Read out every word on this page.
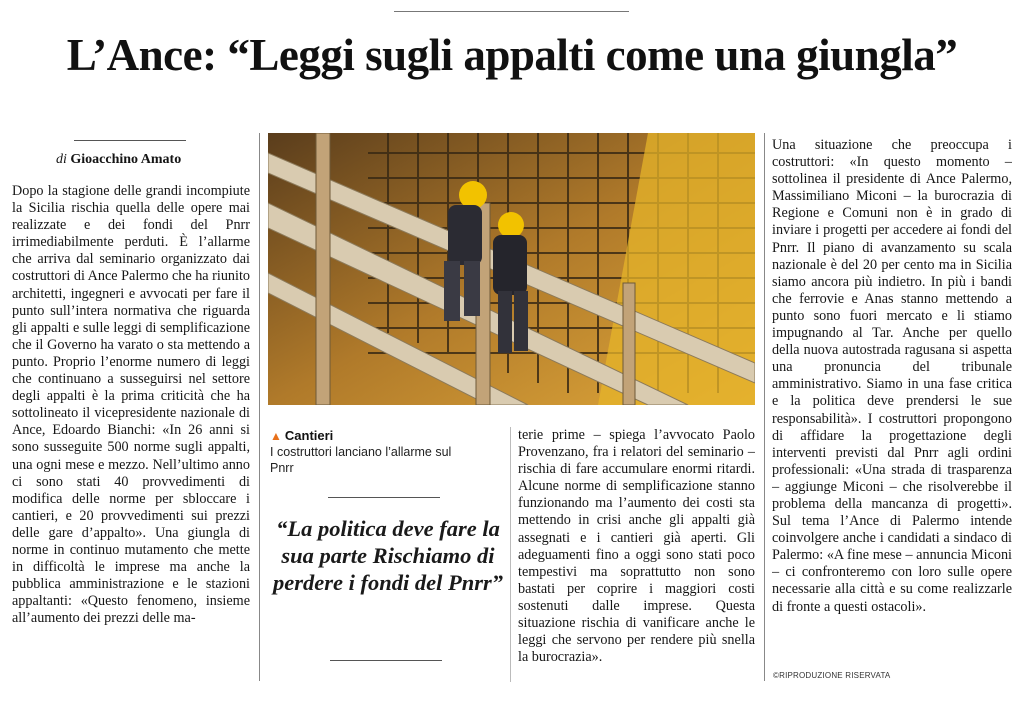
L’Ance: “Leggi sugli appalti come una giungla”
di Gioacchino Amato
Dopo la stagione delle grandi incompiute la Sicilia rischia quella delle opere mai realizzate e dei fondi del Pnrr irrimediabilmente perduti. È l’allarme che arriva dal seminario organizzato dai costruttori di Ance Palermo che ha riunito architetti, ingegneri e avvocati per fare il punto sull’intera normativa che riguarda gli appalti e sulle leggi di semplificazione che il Governo ha varato o sta mettendo a punto. Proprio l’enorme numero di leggi che continuano a susseguirsi nel settore degli appalti è la prima criticità che ha sottolineato il vicepresidente nazionale di Ance, Edoardo Bianchi: «In 26 anni si sono susseguite 500 norme sugli appalti, una ogni mese e mezzo. Nell’ultimo anno ci sono stati 40 provvedimenti di modifica delle norme per sbloccare i cantieri, e 20 provvedimenti sui prezzi delle gare d’appalto». Una giungla di norme in continuo mutamento che mette in difficoltà le imprese ma anche la pubblica amministrazione e le stazioni appaltanti: «Questo fenomeno, insieme all’aumento dei prezzi delle ma-
▲ Cantieri
I costruttori lanciano l’allarme sul Pnrr
“La politica deve fare la sua parte Rischiamo di perdere i fondi del Pnrr”
terie prime – spiega l’avvocato Paolo Provenzano, fra i relatori del seminario – rischia di fare accumulare enormi ritardi. Alcune norme di semplificazione stanno funzionando ma l’aumento dei costi sta mettendo in crisi anche gli appalti già assegnati e i cantieri già aperti. Gli adeguamenti fino a oggi sono stati poco tempestivi ma soprattutto non sono bastati per coprire i maggiori costi sostenuti dalle imprese. Questa situazione rischia di vanificare anche le leggi che servono per rendere più snella la burocrazia».
Una situazione che preoccupa i costruttori: «In questo momento – sottolinea il presidente di Ance Palermo, Massimiliano Miconi – la burocrazia di Regione e Comuni non è in grado di inviare i progetti per accedere ai fondi del Pnrr. Il piano di avanzamento su scala nazionale è del 20 per cento ma in Sicilia siamo ancora più indietro. In più i bandi che ferrovie e Anas stanno mettendo a punto sono fuori mercato e li stiamo impugnando al Tar. Anche per quello della nuova autostrada ragusana si aspetta una pronuncia del tribunale amministrativo. Siamo in una fase critica e la politica deve prendersi le sue responsabilità». I costruttori propongono di affidare la progettazione degli interventi previsti dal Pnrr agli ordini professionali: «Una strada di trasparenza – aggiunge Miconi – che risolverebbe il problema della mancanza di progetti». Sul tema l’Ance di Palermo intende coinvolgere anche i candidati a sindaco di Palermo: «A fine mese – annuncia Miconi – ci confronteremo con loro sulle opere necessarie alla città e su come realizzarle di fronte a questi ostacoli».
©RIPRODUZIONE RISERVATA
